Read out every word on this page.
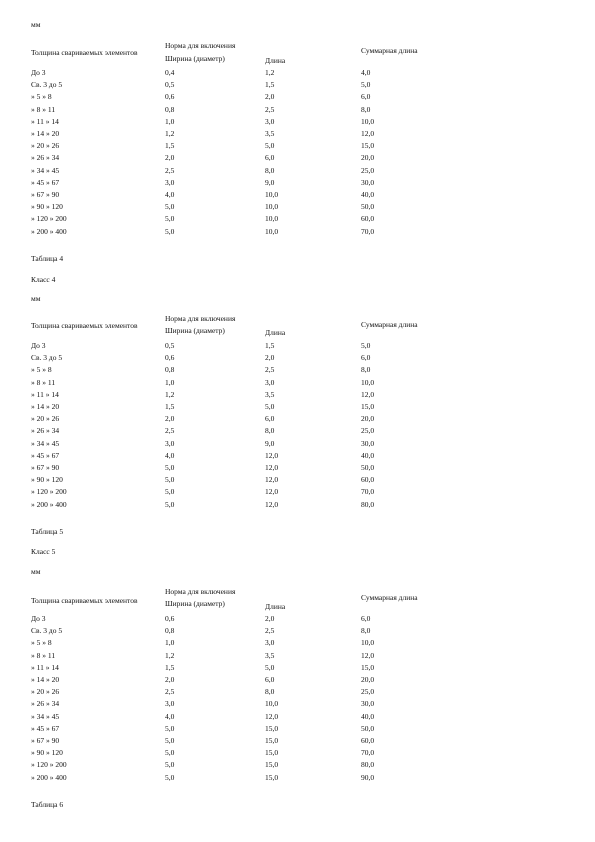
мм
Норма для включения
Толщина свариваемых элементов
Ширина (диаметр)	Длина
Суммарная длина
До 3	0,4	1,2	4,0
Св. 3 до 5	0,5	1,5	5,0
» 5 » 8	0,6	2,0	6,0
» 8 » 11	0,8	2,5	8,0
» 11 » 14	1,0	3,0	10,0
» 14 » 20	1,2	3,5	12,0
» 20 » 26	1,5	5,0	15,0
» 26 » 34	2,0	6,0	20,0
» 34 » 45	2,5	8,0	25,0
» 45 » 67	3,0	9,0	30,0
» 67 » 90	4,0	10,0	40,0
» 90 » 120	5,0	10,0	50,0
» 120 » 200	5,0	10,0	60,0
» 200 » 400	5,0	10,0	70,0
Таблица 4
Класс 4
мм
Норма для включения
Толщина свариваемых элементов
Ширина (диаметр)	Длина
Суммарная длина
До 3	0,5	1,5	5,0
Св. 3 до 5	0,6	2,0	6,0
» 5 » 8	0,8	2,5	8,0
» 8 » 11	1,0	3,0	10,0
» 11 » 14	1,2	3,5	12,0
» 14 » 20	1,5	5,0	15,0
» 20 » 26	2,0	6,0	20,0
» 26 » 34	2,5	8,0	25,0
» 34 » 45	3,0	9,0	30,0
» 45 » 67	4,0	12,0	40,0
» 67 » 90	5,0	12,0	50,0
» 90 » 120	5,0	12,0	60,0
» 120 » 200	5,0	12,0	70,0
» 200 » 400	5,0	12,0	80,0
Таблица 5
Класс 5
мм
Норма для включения
Толщина свариваемых элементов	Ширина (диаметр)	Длина
Суммарная длина
До 3	0,6	2,0	6,0
Св. 3 до 5	0,8	2,5	8,0
» 5 » 8	1,0	3,0	10,0
» 8 » 11	1,2	3,5	12,0
» 11 » 14	1,5	5,0	15,0
» 14 » 20	2,0	6,0	20,0
» 20 » 26	2,5	8,0	25,0
» 26 » 34	3,0	10,0	30,0
» 34 » 45	4,0	12,0	40,0
» 45 » 67	5,0	15,0	50,0
» 67 » 90	5,0	15,0	60,0
» 90 » 120	5,0	15,0	70,0
» 120 » 200	5,0	15,0	80,0
» 200 » 400	5,0	15,0	90,0
Таблица 6
